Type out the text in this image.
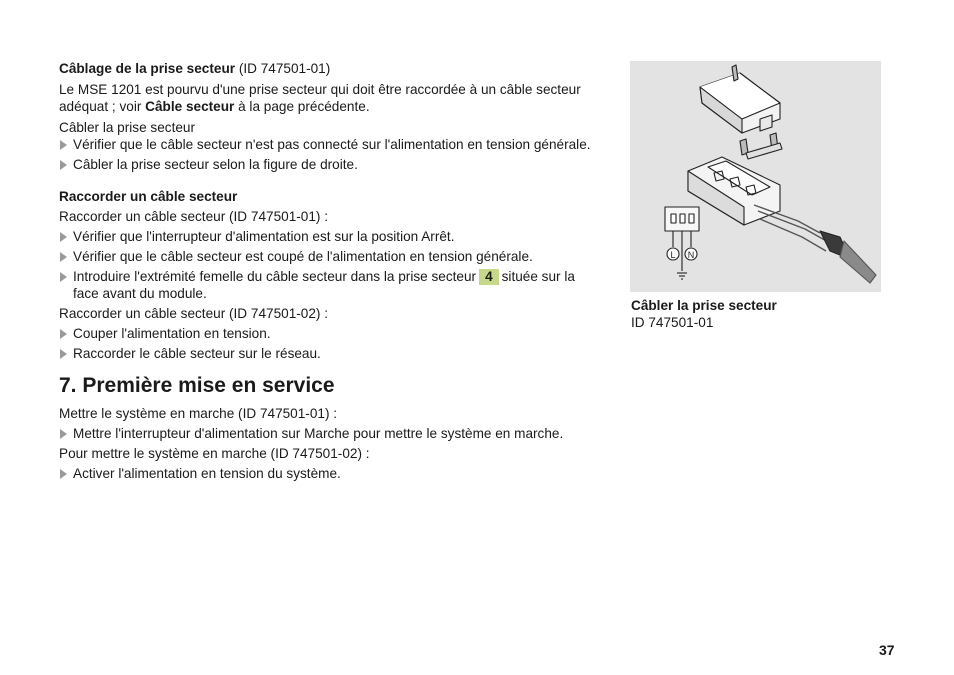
Câblage de la prise secteur (ID 747501-01)

Le MSE 1201 est pourvu d'une prise secteur qui doit être raccordée à un câble secteur adéquat ; voir Câble secteur à la page précédente.

Câbler la prise secteur

Vérifier que le câble secteur n'est pas connecté sur l'alimentation en tension générale.

Câbler la prise secteur selon la figure de droite.

Raccorder un câble secteur

Raccorder un câble secteur (ID 747501-01) :

Vérifier que l'interrupteur d'alimentation est sur la position Arrêt.

Vérifier que le câble secteur est coupé de l'alimentation en tension générale.

Introduire l'extrémité femelle du câble secteur dans la prise secteur 4 située sur la face avant du module.

Raccorder un câble secteur (ID 747501-02) :

Couper l'alimentation en tension.

Raccorder le câble secteur sur le réseau.

7. Première mise en service

Mettre le système en marche (ID 747501-01) :

Mettre l'interrupteur d'alimentation sur Marche pour mettre le système en marche.

Pour mettre le système en marche (ID 747501-02) :

Activer l'alimentation en tension du système.

L N

Câbler la prise secteur

ID 747501-01

37
